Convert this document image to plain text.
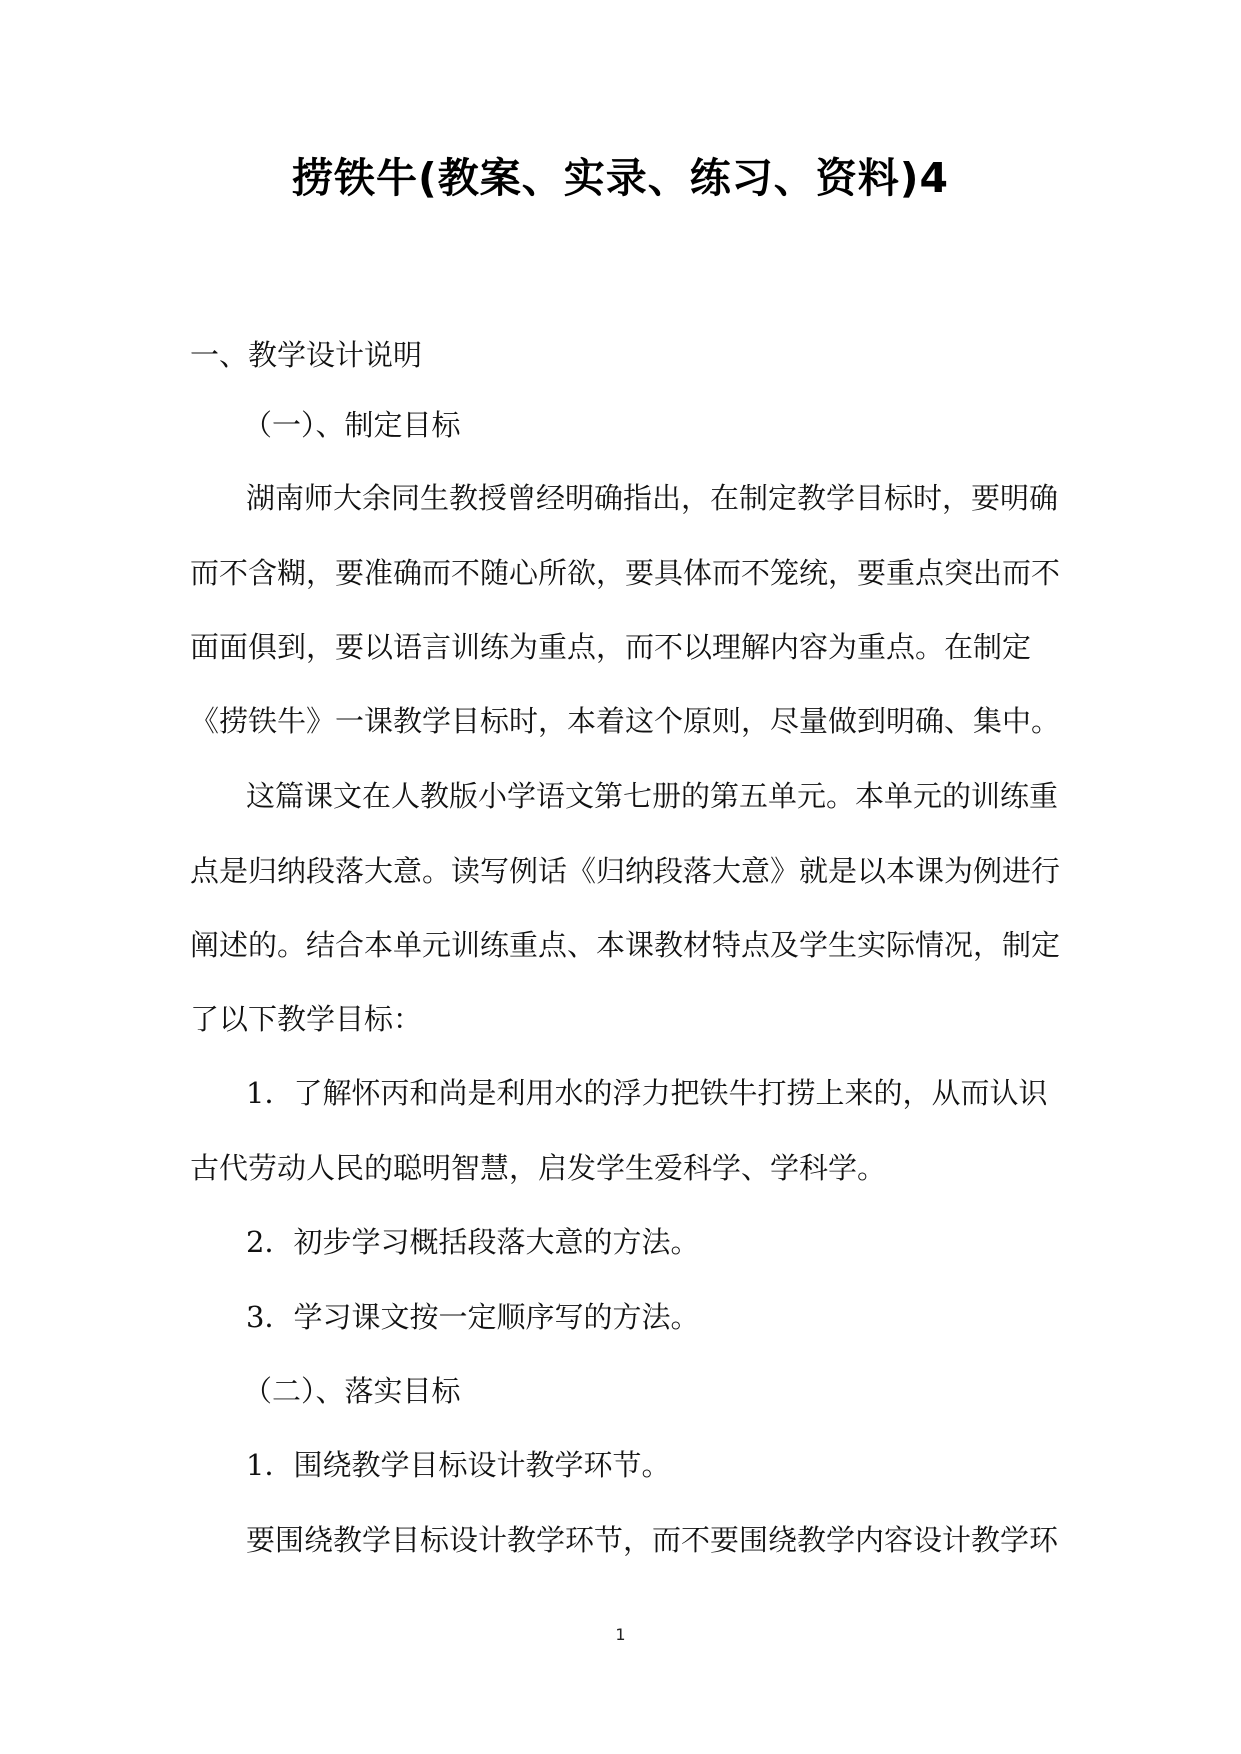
捞铁牛(教案、实录、练习、资料)4
一、教学设计说明
（一）、制定目标
湖南师大余同生教授曾经明确指出，在制定教学目标时，要明确
而不含糊，要准确而不随心所欲，要具体而不笼统，要重点突出而不
面面俱到，要以语言训练为重点，而不以理解内容为重点。在制定
《捞铁牛》一课教学目标时，本着这个原则，尽量做到明确、集中。
这篇课文在人教版小学语文第七册的第五单元。本单元的训练重
点是归纳段落大意。读写例话《归纳段落大意》就是以本课为例进行
阐述的。结合本单元训练重点、本课教材特点及学生实际情况，制定
了以下教学目标：
1．了解怀丙和尚是利用水的浮力把铁牛打捞上来的，从而认识
古代劳动人民的聪明智慧，启发学生爱科学、学科学。
2．初步学习概括段落大意的方法。
3．学习课文按一定顺序写的方法。
（二）、落实目标
1．围绕教学目标设计教学环节。
要围绕教学目标设计教学环节，而不要围绕教学内容设计教学环
1
